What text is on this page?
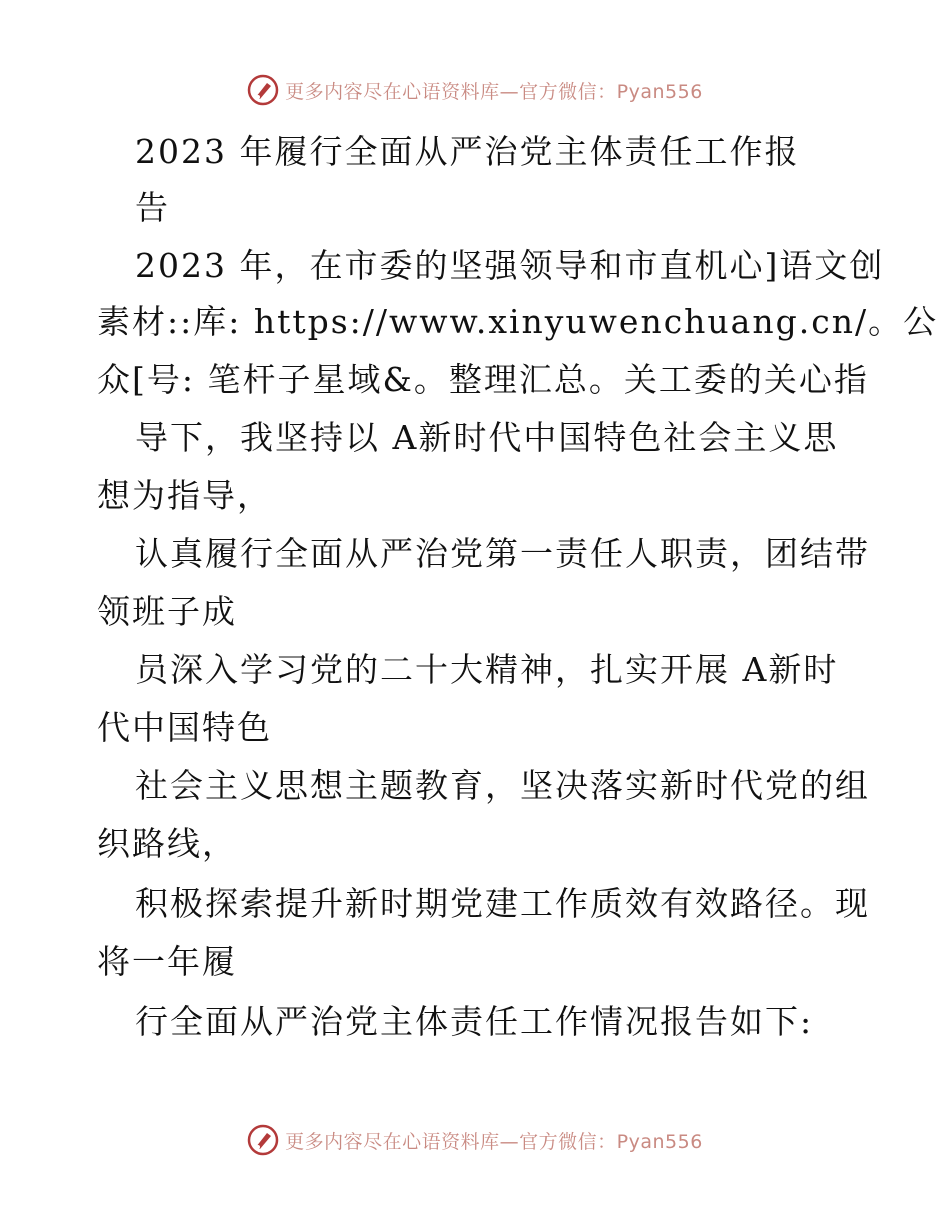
更多内容尽在心语资料库—官方微信：Pyan556
2023 年履行全面从严治党主体责任工作报
告
2023 年，在市委的坚强领导和市直机心]语文创
素材::库: https://www.xinyuwenchuang.cn/。公
众[号: 笔杆子星域&。整理汇总。关工委的关心指
导下，我坚持以 A新时代中国特色社会主义思
想为指导，
认真履行全面从严治党第一责任人职责，团结带
领班子成
员深入学习党的二十大精神，扎实开展 A新时
代中国特色
社会主义思想主题教育，坚决落实新时代党的组
织路线，
积极探索提升新时期党建工作质效有效路径。现
将一年履
行全面从严治党主体责任工作情况报告如下:
更多内容尽在心语资料库—官方微信：Pyan556
